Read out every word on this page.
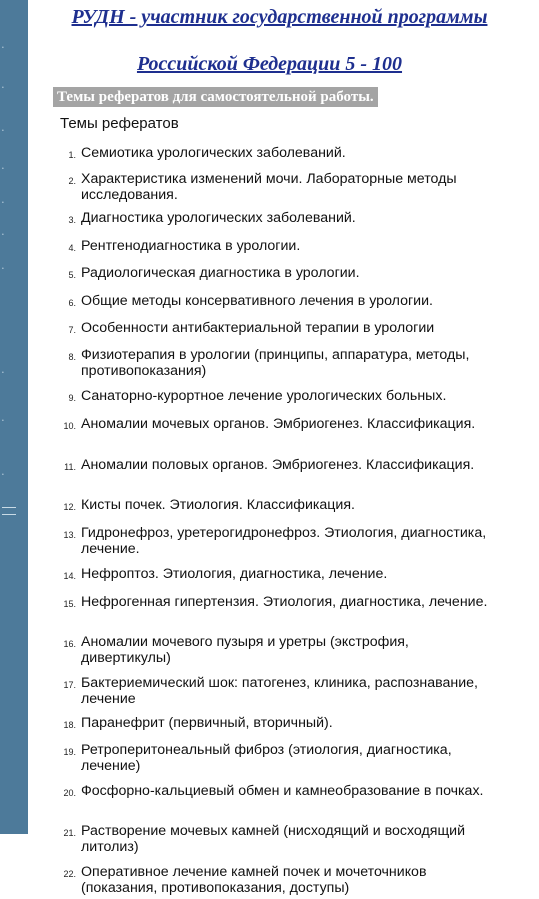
•
•
•
•
•
•
•
•
•
•
РУДН - участник государственной программы
Российской Федерации 5 - 100
Темы рефератов для самостоятельной работы.
Темы рефератов
1. Семиотика урологических заболеваний.
2. Характеристика изменений мочи. Лабораторные методы исследования.
3. Диагностика урологических заболеваний.
4. Рентгенодиагностика в урологии.
5. Радиологическая диагностика в урологии.
6. Общие методы консервативного лечения в урологии.
7. Особенности антибактериальной терапии в урологии
8. Физиотерапия в урологии (принципы, аппаратура, методы, противопоказания)
9. Санаторно-курортное лечение урологических больных.
10. Аномалии мочевых органов. Эмбриогенез. Классификация.
11. Аномалии половых органов. Эмбриогенез. Классификация.
12. Кисты почек. Этиология. Классификация.
13. Гидронефроз, уретерогидронефроз. Этиология, диагностика, лечение.
14. Нефроптоз. Этиология, диагностика, лечение.
15. Нефрогенная гипертензия. Этиология, диагностика, лечение.
16. Аномалии мочевого пузыря и уретры (экстрофия, дивертикулы)
17. Бактериемический шок: патогенез, клиника, распознавание, лечение
18. Паранефрит (первичный, вторичный).
19. Ретроперитонеальный фиброз (этиология, диагностика, лечение)
20. Фосфорно-кальциевый обмен и камнеобразование в почках.
21. Растворение мочевых камней (нисходящий и восходящий литолиз)
22. Оперативное лечение камней почек и мочеточников (показания, противопоказания, доступы)
